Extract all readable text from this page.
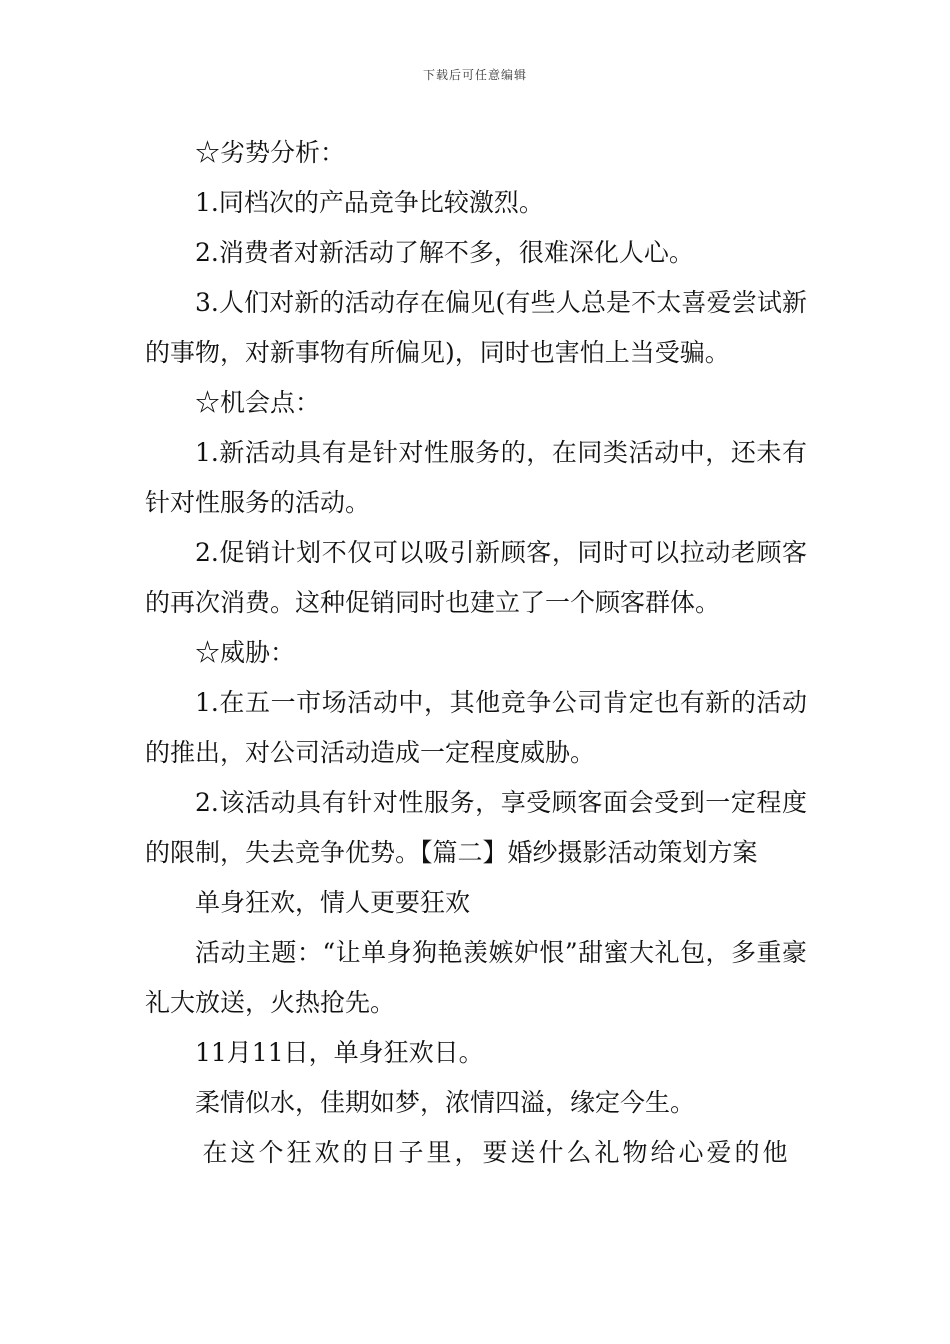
下载后可任意编辑

☆劣势分析：

1.同档次的产品竞争比较激烈。

2.消费者对新活动了解不多，很难深化人心。

3.人们对新的活动存在偏见(有些人总是不太喜爱尝试新的事物，对新事物有所偏见)，同时也害怕上当受骗。

☆机会点：

1.新活动具有是针对性服务的，在同类活动中，还未有针对性服务的活动。

2.促销计划不仅可以吸引新顾客，同时可以拉动老顾客的再次消费。这种促销同时也建立了一个顾客群体。

☆威胁：

1.在五一市场活动中，其他竞争公司肯定也有新的活动的推出，对公司活动造成一定程度威胁。

2.该活动具有针对性服务，享受顾客面会受到一定程度的限制，失去竞争优势。【篇二】婚纱摄影活动策划方案

单身狂欢，情人更要狂欢

活动主题：“让单身狗艳羡嫉妒恨”甜蜜大礼包，多重豪礼大放送，火热抢先。

11月11日，单身狂欢日。

柔情似水，佳期如梦，浓情四溢，缘定今生。

在这个狂欢的日子里，要送什么礼物给心爱的他
